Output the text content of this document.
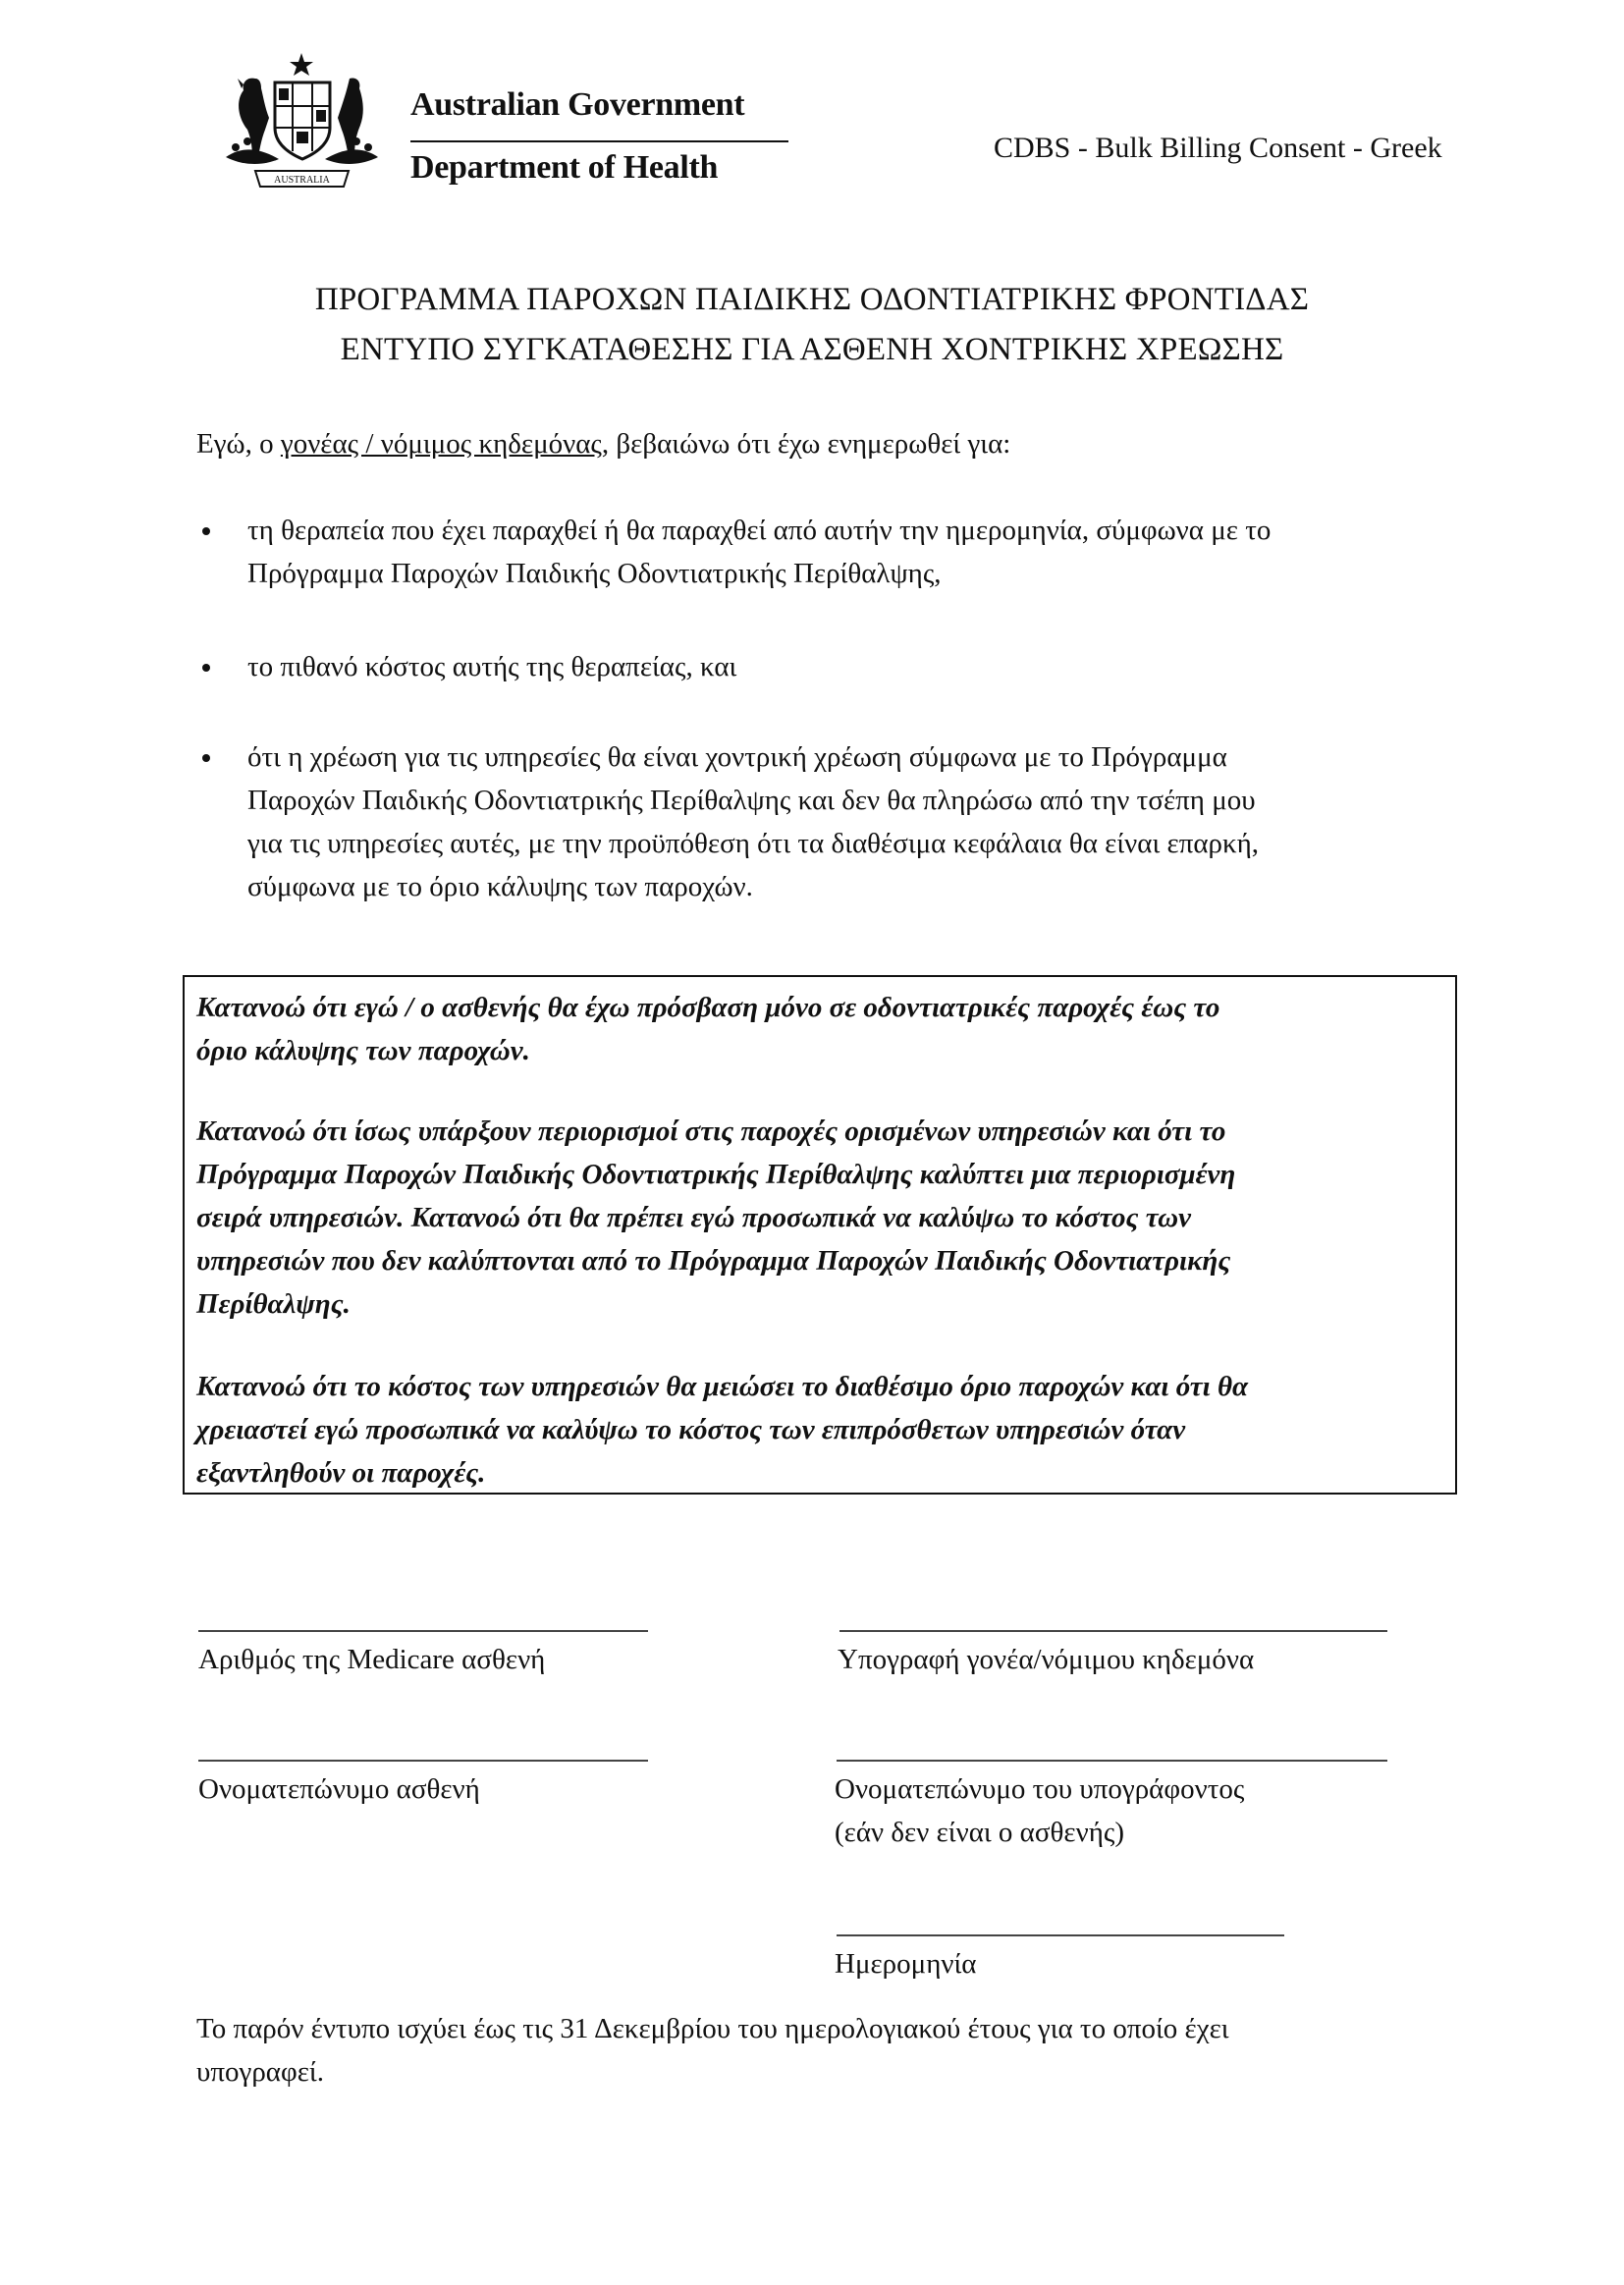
AUSTRALIA
Australian Government
Department of Health
CDBS - Bulk Billing Consent - Greek
ΠΡΟΓΡΑΜΜΑ ΠΑΡΟΧΩΝ ΠΑΙΔΙΚΗΣ ΟΔΟΝΤΙΑΤΡΙΚΗΣ ΦΡΟΝΤΙΔΑΣ
ΕΝΤΥΠΟ ΣΥΓΚΑΤΑΘΕΣΗΣ ΓΙΑ ΑΣΘΕΝΗ ΧΟΝΤΡΙΚΗΣ ΧΡΕΩΣΗΣ
Εγώ, ο γονέας / νόμιμος κηδεμόνας, βεβαιώνω ότι έχω ενημερωθεί για:
τη θεραπεία που έχει παραχθεί ή θα παραχθεί από αυτήν την ημερομηνία, σύμφωνα με το
Πρόγραμμα Παροχών Παιδικής Οδοντιατρικής Περίθαλψης,
το πιθανό κόστος αυτής της θεραπείας, και
ότι η χρέωση για τις υπηρεσίες θα είναι χοντρική χρέωση σύμφωνα με το Πρόγραμμα
Παροχών Παιδικής Οδοντιατρικής Περίθαλψης και δεν θα πληρώσω από την τσέπη μου
για τις υπηρεσίες αυτές, με την προϋπόθεση ότι τα διαθέσιμα κεφάλαια θα είναι επαρκή,
σύμφωνα με το όριο κάλυψης των παροχών.
Κατανοώ ότι εγώ / ο ασθενής θα έχω πρόσβαση μόνο σε οδοντιατρικές παροχές έως το
όριο κάλυψης των παροχών.
Κατανοώ ότι ίσως υπάρξουν περιορισμοί στις παροχές ορισμένων υπηρεσιών και ότι το
Πρόγραμμα Παροχών Παιδικής Οδοντιατρικής Περίθαλψης καλύπτει μια περιορισμένη
σειρά υπηρεσιών. Κατανοώ ότι θα πρέπει εγώ προσωπικά να καλύψω το κόστος των
υπηρεσιών που δεν καλύπτονται από το Πρόγραμμα Παροχών Παιδικής Οδοντιατρικής
Περίθαλψης.
Κατανοώ ότι το κόστος των υπηρεσιών θα μειώσει το διαθέσιμο όριο παροχών και ότι θα
χρειαστεί εγώ προσωπικά να καλύψω το κόστος των επιπρόσθετων υπηρεσιών όταν
εξαντληθούν οι παροχές.
Αριθμός της Medicare ασθενή	Υπογραφή γονέα/νόμιμου κηδεμόνα
Ονοματεπώνυμο ασθενή	Ονοματεπώνυμο του υπογράφοντος
(εάν δεν είναι ο ασθενής)
Ημερομηνία
Το παρόν έντυπο ισχύει έως τις 31 Δεκεμβρίου του ημερολογιακού έτους για το οποίο έχει
υπογραφεί.
